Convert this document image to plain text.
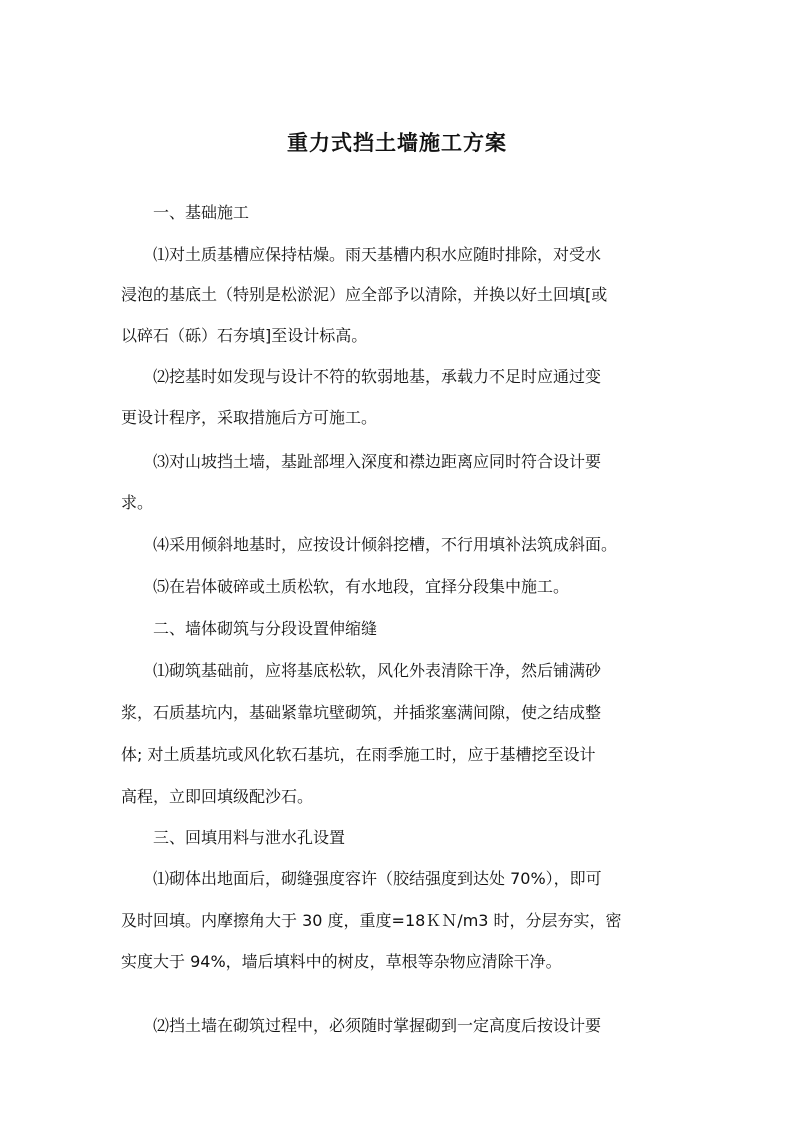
重力式挡土墙施工方案
一、基础施工
⑴对土质基槽应保持枯燥。雨天基槽内积水应随时排除，对受水
浸泡的基底土（特别是松淤泥）应全部予以清除，并换以好土回填[或
以碎石（砾）石夯填]至设计标高。
⑵挖基时如发现与设计不符的软弱地基，承载力不足时应通过变
更设计程序，采取措施后方可施工。
⑶对山坡挡土墙，基趾部埋入深度和襟边距离应同时符合设计要
求。
⑷采用倾斜地基时，应按设计倾斜挖槽，不行用填补法筑成斜面。
⑸在岩体破碎或土质松软，有水地段，宜择分段集中施工。
二、墙体砌筑与分段设置伸缩缝
⑴砌筑基础前，应将基底松软，风化外表清除干净，然后铺满砂
浆，石质基坑内，基础紧靠坑壁砌筑，并插浆塞满间隙，使之结成整
体; 对土质基坑或风化软石基坑，在雨季施工时，应于基槽挖至设计
高程，立即回填级配沙石。
三、回填用料与泄水孔设置
⑴砌体出地面后，砌缝强度容许（胶结强度到达处 70%），即可
及时回填。内摩擦角大于 30 度，重度=18ＫＮ/m3 时，分层夯实，密
实度大于 94%，墙后填料中的树皮，草根等杂物应清除干净。
⑵挡土墙在砌筑过程中，必须随时掌握砌到一定高度后按设计要
